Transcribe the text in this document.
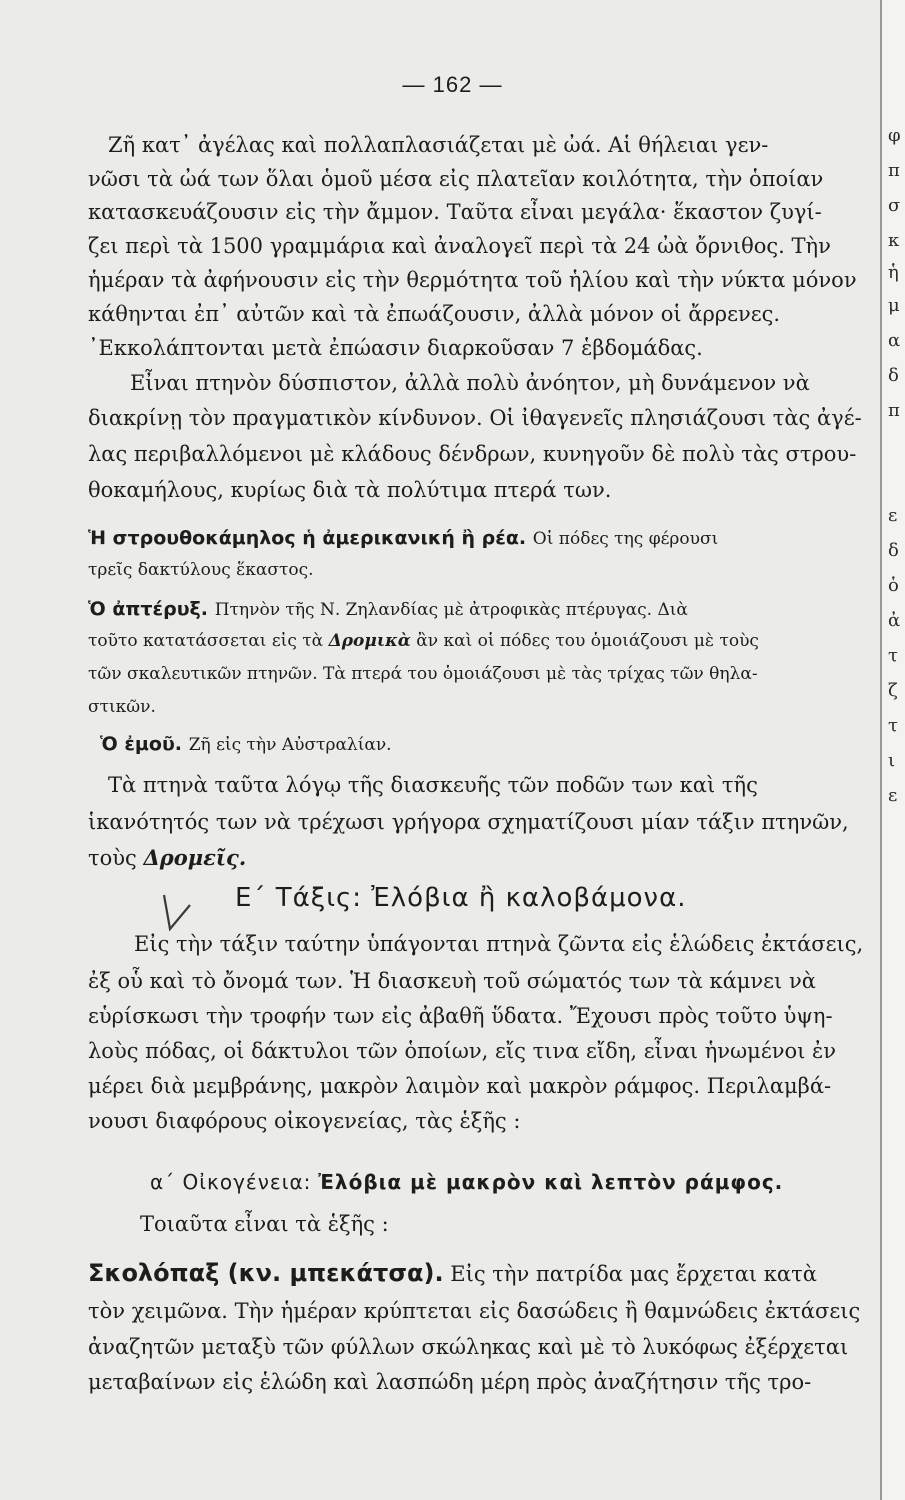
— 162 —
Ζῆ κατ᾽ ἀγέλας καὶ πολλαπλασιάζεται μὲ ὠά. Αἱ θήλειαι γεν-
νῶσι τὰ ὠά των ὅλαι ὁμοῦ μέσα εἰς πλατεῖαν κοιλότητα, τὴν ὁποίαν
κατασκευάζουσιν εἰς τὴν ἄμμον. Ταῦτα εἶναι μεγάλα· ἕκαστον ζυγί-
ζει περὶ τὰ 1500 γραμμάρια καὶ ἀναλογεῖ περὶ τὰ 24 ὠὰ ὄρνιθος. Τὴν
ἡμέραν τὰ ἀφήνουσιν εἰς τὴν θερμότητα τοῦ ἡλίου καὶ τὴν νύκτα μόνον
κάθηνται ἐπ᾽ αὐτῶν καὶ τὰ ἐπωάζουσιν, ἀλλὰ μόνον οἱ ἄρρενες.
᾽Εκκολάπτονται μετὰ ἐπώασιν διαρκοῦσαν 7 ἑβδομάδας.
Εἶναι πτηνὸν δύσπιστον, ἀλλὰ πολὺ ἀνόητον, μὴ δυνάμενον νὰ
διακρίνῃ τὸν πραγματικὸν κίνδυνον. Οἱ ἰθαγενεῖς πλησιάζουσι τὰς ἀγέ-
λας περιβαλλόμενοι μὲ κλάδους δένδρων, κυνηγοῦν δὲ πολὺ τὰς στρου-
θοκαμήλους, κυρίως διὰ τὰ πολύτιμα πτερά των.
Ἡ στρουθοκάμηλος ἡ ἀμερικανική ἢ ρέα. Οἱ πόδες της φέρουσι
τρεῖς δακτύλους ἕκαστος.
Ὁ ἀπτέρυξ. Πτηνὸν τῆς Ν. Ζηλανδίας μὲ ἀτροφικὰς πτέρυγας. Διὰ
τοῦτο κατατάσσεται εἰς τὰ Δρομικὰ ἂν καὶ οἱ πόδες του ὁμοιάζουσι μὲ τοὺς
τῶν σκαλευτικῶν πτηνῶν. Τὰ πτερά του ὁμοιάζουσι μὲ τὰς τρίχας τῶν θηλα-
στικῶν.
Ὁ ἐμοῦ. Ζῆ εἰς τὴν Αὐστραλίαν.
Τὰ πτηνὰ ταῦτα λόγῳ τῆς διασκευῆς τῶν ποδῶν των καὶ τῆς
ἱκανότητός των νὰ τρέχωσι γρήγορα σχηματίζουσι μίαν τάξιν πτηνῶν,
τοὺς Δρομεῖς.
Ε΄ Τάξις: Ἐλόβια ἢ καλοβάμονα.
Εἰς τὴν τάξιν ταύτην ὑπάγονται πτηνὰ ζῶντα εἰς ἑλώδεις ἐκτάσεις,
ἐξ οὗ καὶ τὸ ὄνομά των. Ἡ διασκευὴ τοῦ σώματός των τὰ κάμνει νὰ
εὑρίσκωσι τὴν τροφήν των εἰς ἀβαθῆ ὕδατα. Ἔχουσι πρὸς τοῦτο ὑψη-
λοὺς πόδας, οἱ δάκτυλοι τῶν ὁποίων, εἴς τινα εἴδη, εἶναι ἡνωμένοι ἐν
μέρει διὰ μεμβράνης, μακρὸν λαιμὸν καὶ μακρὸν ράμφος. Περιλαμβά-
νουσι διαφόρους οἰκογενείας, τὰς ἑξῆς :
α΄ Οἰκογένεια: Ἐλόβια μὲ μακρὸν καὶ λεπτὸν ράμφος.
Τοιαῦτα εἶναι τὰ ἑξῆς :
Σκολόπαξ (κν. μπεκάτσα). Εἰς τὴν πατρίδα μας ἔρχεται κατὰ
τὸν χειμῶνα. Τὴν ἡμέραν κρύπτεται εἰς δασώδεις ἢ θαμνώδεις ἐκτάσεις
ἀναζητῶν μεταξὺ τῶν φύλλων σκώληκας καὶ μὲ τὸ λυκόφως ἐξέρχεται
μεταβαίνων εἰς ἑλώδη καὶ λασπώδη μέρη πρὸς ἀναζήτησιν τῆς τρο-
φ
π
σ
κ
ἡ
μ
α
δ
π
ε
δ
ὁ
ἀ
τ
ζ
τ
ι
ε
